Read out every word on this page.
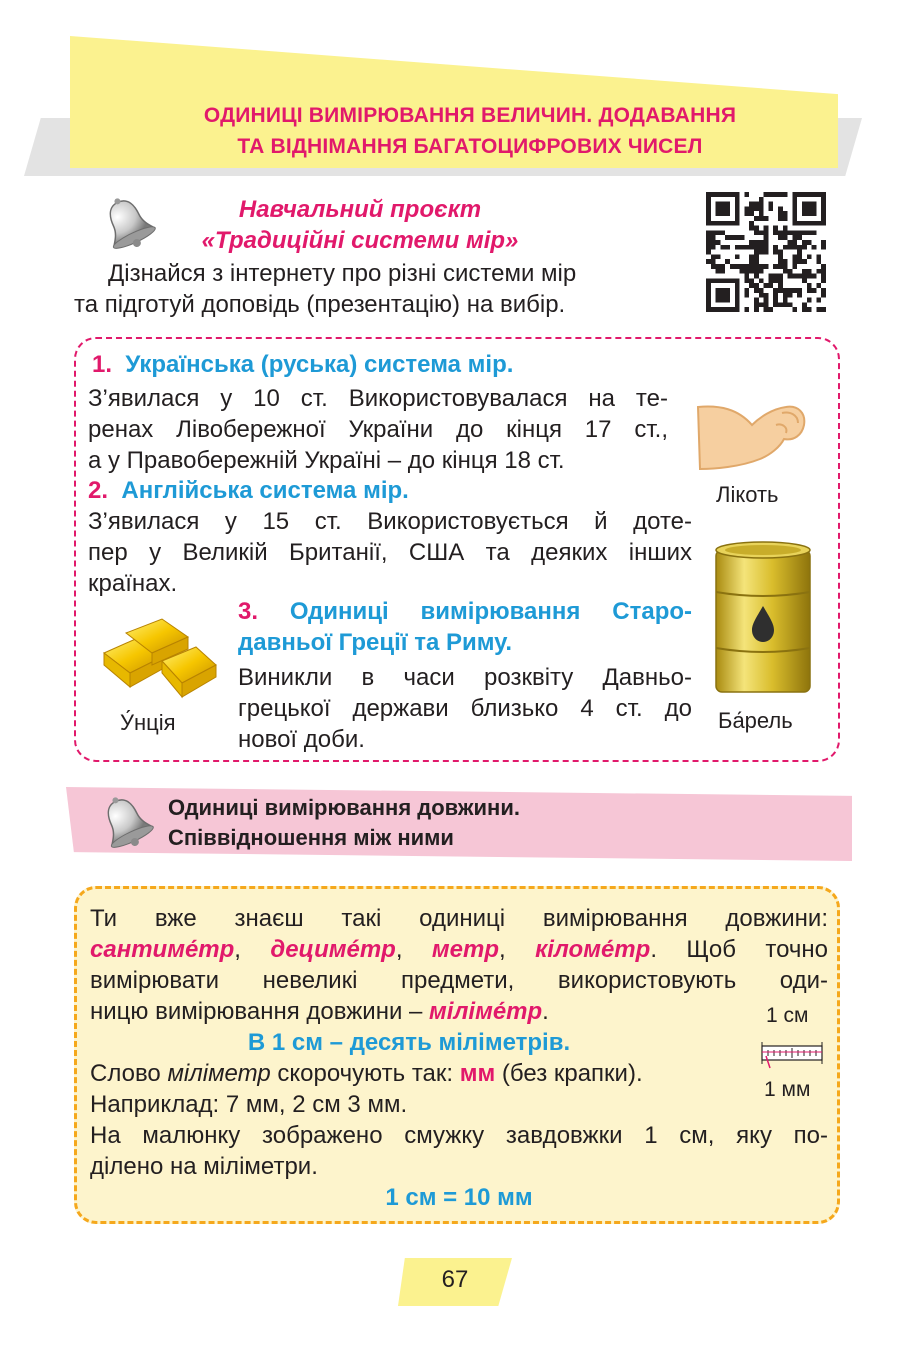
ОДИНИЦІ ВИМІРЮВАННЯ ВЕЛИЧИН. ДОДАВАННЯ
ТА ВІДНІМАННЯ БАГАТОЦИФРОВИХ ЧИСЕЛ
Навчальний проєкт
«Традиційні системи мір»
Дізнайся з інтернету про різні системи мір
та підготуй доповідь (презентацію) на вибір.
1. Українська (руська) система мір.
З’явилася у 10 ст. Використовувалася на те-
ренах Лівобережної України до кінця 17 ст.,
а у Правобережній Україні – до кінця 18 ст.
2. Англійська система мір.
З’явилася у 15 ст. Використовується й доте-
пер у Великій Британії, США та деяких інших
країнах.
3. Одиниці вимірювання Старо-
давньої Греції та Риму.
Виникли в часи розквіту Давньо-
грецької держави близько 4 ст. до
нової доби.
Лікоть
Ба́рель
У́нція
Одиниці вимірювання довжини.
Співвідношення між ними
Ти вже знаєш такі одиниці вимірювання довжини:
сантиме́тр, децимéтр, метр, кіломе́тр. Щоб точно
вимірювати невеликі предмети, використовують оди-
ницю вимірювання довжини – міліме́тр.
В 1 см – десять міліметрів.
Слово міліметр скорочують так: мм (без крапки).
Наприклад: 7 мм, 2 см 3 мм.
На малюнку зображено смужку завдовжки 1 см, яку по-
ділено на міліметри.
1 см = 10 мм
1 см
1 мм
67
